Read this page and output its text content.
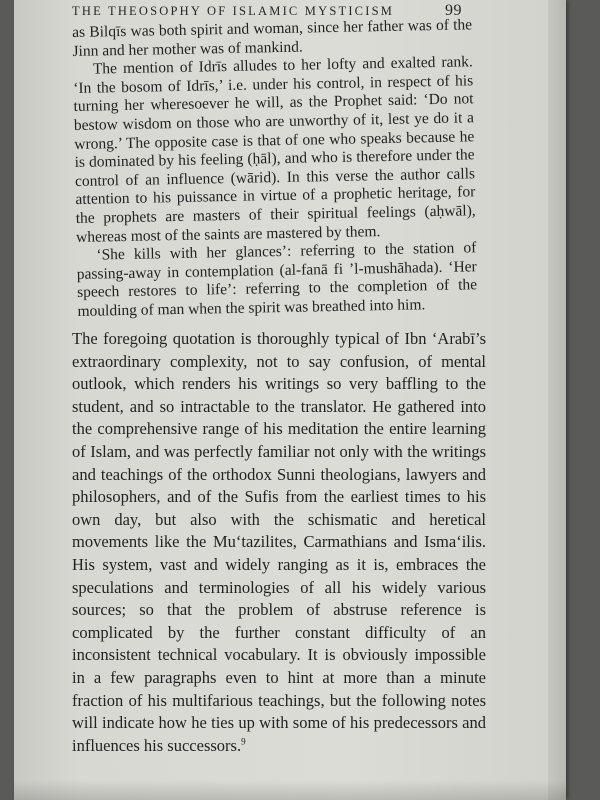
THE THEOSOPHY OF ISLAMIC MYSTICISM	99

as Bilqīs was both spirit and woman, since her father was of the Jinn and her mother was of mankind.

The mention of Idrīs alludes to her lofty and exalted rank. ‘In the bosom of Idrīs,’ i.e. under his control, in respect of his turning her wheresoever he will, as the Prophet said: ‘Do not bestow wisdom on those who are unworthy of it, lest ye do it a wrong.’ The opposite case is that of one who speaks because he is dominated by his feeling (ḥāl), and who is therefore under the control of an influence (wārid). In this verse the author calls attention to his puissance in virtue of a prophetic heritage, for the prophets are masters of their spiritual feelings (aḥwāl), whereas most of the saints are mastered by them.

‘She kills with her glances’: referring to the station of passing-away in contemplation (al-fanā fi ’l-mushāhada). ‘Her speech restores to life’: referring to the completion of the moulding of man when the spirit was breathed into him.

The foregoing quotation is thoroughly typical of Ibn ‘Arabī’s extraordinary complexity, not to say confusion, of mental outlook, which renders his writings so very baffling to the student, and so intractable to the translator. He gathered into the comprehensive range of his meditation the entire learning of Islam, and was perfectly familiar not only with the writings and teachings of the orthodox Sunni theologians, lawyers and philosophers, and of the Sufis from the earliest times to his own day, but also with the schismatic and heretical movements like the Mu‘tazilites, Carmathians and Isma‘ilis. His system, vast and widely ranging as it is, embraces the speculations and terminologies of all his widely various sources; so that the problem of abstruse reference is complicated by the further constant difficulty of an inconsistent technical vocabulary. It is obviously impossible in a few paragraphs even to hint at more than a minute fraction of his multifarious teachings, but the following notes will indicate how he ties up with some of his predecessors and influences his successors.$^9$
